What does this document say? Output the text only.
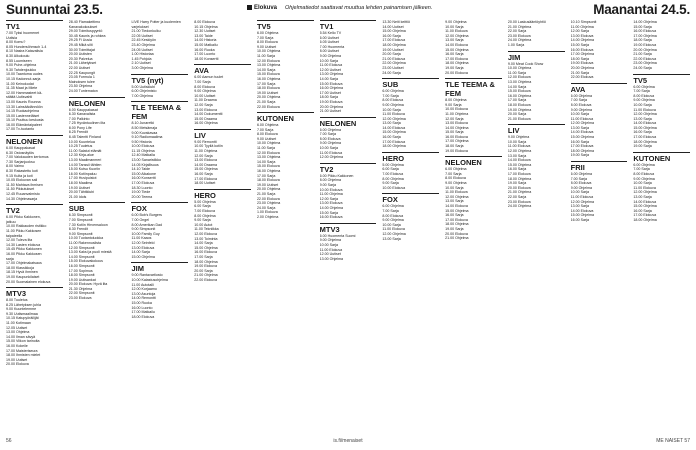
Sunnuntai 23.5.	Elokuva Ohjelmatiedot saattavat muuttua lehden painamisen jälkeen.	Maanantai 24.5.
TV1
7.00 Tyksi huomenet
Uutisia
8.00 Komu?
8.05 Hundersöhmsch 1-4
8.10 Nasira Katavalisia
8.30 Alkukoulu
8.55 Luumiseen
9.00 Puhe-ohjelma
9.30 Tahdenjoukko
10.00 Taantuma uudes
10.15 Kadonnut-sarja
11.00 Keinokodat
11.35 Maat ja Miete
12.00 Hammasteet kä-
sitäitä Uutisvahti
13.00 Kaunis Rounna
13.30 Lainsäädännöön
14.15 Ruokaohjelma
15.00 Lastenneläiset
15.10 Puuttuu keskusta
16.00 Elämäntaipaleet
17.00 Tv-tuotanto
NELONEN
6.00 Kauppakasat
6.30 Ostosnäytös
7.00 Valokauden kertomus
7.30 Sarjanjuoksu
8.00 Vaimo
8.30 Rakastettu koti
9.15 Kulta ja koti
10.05 Elokuvan sali
11.50 Mahtava ihmisen
11.50 Pikkutukset
12.45 Ruuanvalmisto
14.30 Ohjelmasarja
TV2
6.00 Pikku Kakkonen,
jatkuu
10.00 Rakkauden ristikko
11.00 Pikku Kakkosen
taipaleella
12.00 Tuleva ilta
14.30 Lasten elokuva
15.45 Pikku Kakkonen
16.00 Pikku Kakkosen
sarja
17.00 Ohjelmakatsaus
18.00 Klassikkoja
18.15 Hyvä ihminen
19.00 Kaupunkilaiset
20.00 Suomalainen elokuva
MTV3
8.00 Tuuletus
8.25 Lähetyksen juhla
9.00 Kuuntelemme
9.30 Uutismaailmaa
10.15 Katupyöräilijät
11.00 Kotimaan
12.05 Uutiset
13.00 Ohjelma
14.00 Ilman sävyä
15.00 Viikon tarinoita
16.00 Kokeile
17.00 Maisteriseura
18.00 Ihmisten mielet
19.00 Uutiset
20.00 Elokuva
28.40 Flamakeitimo
Kanavakokoukset
29.00 Toimituspyyntö
30.45 Kaunis ja rohkea
29.25 Fi Uusia
29.45 Mikä silti
30.00 Toimittajat
20.00 Uutisten
20.30 Palvelua
21.00 Lähetykset
22.00 Uutiset
22.25 Kaupungit
23.05 Formula 1
Mainoksen tulee
23.50 Ohjelma
24.00 Tuntematon
NELONEN
6.00 Kauppakasat
6.30 Kanavalista
7.00 Palkinto
7.25 Hyväntuulinen ilta
8.00 Pony Life
8.25 Frendit
8.45 Talentti Finland
10.00 Kuuntelua
10.25 Tuuletus
11.00 Salatut elämät
12.30 Kirja-alue
13.00 Maailmanmeri
14.00 Tanssii tähtien
15.00 Kutsu Kuoriin
16.00 Kotiinpaluu
17.00 Huvipuistot
18.00 Maailma
19.00 Uutiset
20.00 Tähtiklubi
21.00 Idols
SUB
6.30 Simpsonit
7.00 Simpsonit
7.30 Kotiin Hirvensaloon
8.30 Frendit
9.00 Simpsonit
10.00 Tuotantoluokka
11.00 Rakennuslista
12.00 Simpsonit
13.00 Kaksi ja puoli miestä
14.00 Simpsonit
15.00 Elokuvakokous
16.00 Simpsonit
17.00 Sopimus
18.00 Simpsonit
19.00 Uutisankat
20.00 Elokuva: Hyvä ilta
21.30 Ohjelma
22.00 Simpsonit
23.00 Elokuva
LIVE Harry Potter ja kuolemien varjelukset
21.00 Tiedonkulku
22.05 Uutiset
22.45 Keskiyön
23.40 Ohjelma
24.05 Uutiset
1.00 Historiaa
1.45 Pohjola
2.10 Uutiset
3.00 Ohjelma
TV5 (nyt)
5.00 Uutisklubi
6.00 Ohjelmisto
7.00 Ohjelma
TLE TEEMA & FEM
8.10 Junaretki
8.50 Metsämaja
9.00 Kuvakavaa
9.10 Radiomaailma
9.50 Historia
10.00 Elokuva
11.15 Ohjelma
12.40 Matkalla
13.00 Sanaristikko
14.05 Kirjallisuus
14.10 Taide
15.00 Aikakone
16.00 Konsertti
17.00 Elokuva
18.30 Luonto
19.00 Tiede
20.00 Teema
FOX
6.00 Bob's Burgers
7.00 Ongel
8.00 Amerikan Dad
9.00 Simpsonit
10.00 Family Guy
11.00 Kaaos
12.00 Seinfeld
13.00 Elokuva
14.00 Sarja
15.00 Ohjelma
JIM
9.00 Rantavartiosto
10.00 Kalastusohjelma
11.00 Autotalli
12.00 Korjaamo
13.00 Asuntoja
14.00 Remontti
15.00 Ruoka
16.00 Luonto
17.00 Matkailu
18.00 Elokuva
8.00 Elokuva
10.15 Ohjelma
12.30 Uutiset
13.00 Taide
14.00 Historia
15.00 Matkailu
16.00 Ruoka
17.00 Luonto
18.00 Konsertti
AVA
6.00 Aamun tuulet
7.00 Sarja
8.00 Elokuva
9.00 Ohjelma
10.00 Uutiset
11.00 Draama
12.00 Sarja
13.00 Elokuva
14.00 Dokumentti
15.00 Draama
16.00 Ohjelma
LIV
9.00 Remontti
10.00 Tyyliä kotiin
11.00 Ohjelma
12.00 Sarja
13.00 Elokuva
14.00 Draama
15.00 Ohjelma
16.00 Sarja
17.00 Elokuva
18.00 Uutiset
HERO
5.00 Ohjelma
6.00 Sarja
7.00 Elokuva
8.00 Ohjelma
9.00 Sarja
10.00 Autot
11.00 Tekniikka
12.00 Elokuva
13.00 Toiminta
14.00 Sarja
15.00 Ohjelma
16.00 Elokuva
17.00 Sarja
18.00 Ohjelma
19.00 Elokuva
20.00 Sarja
21.00 Ohjelma
22.00 Elokuva
TV5
6.00 Ohjelma
7.00 Sarja
8.00 Elokuva
9.00 Uutiset
10.00 Ohjelma
11.00 Sarja
12.00 Elokuva
13.00 Ohjelma
14.00 Sarja
15.00 Elokuva
16.00 Ohjelma
17.00 Sarja
18.00 Elokuva
19.00 Uutiset
20.00 Ohjelma
21.00 Sarja
22.00 Elokuva
KUTONEN
6.00 Ohjelma
7.00 Sarja
8.00 Elokuva
9.00 Uutiset
10.00 Ohjelma
11.00 Sarja
12.00 Elokuva
13.00 Ohjelma
14.00 Sarja
15.00 Elokuva
16.00 Ohjelma
17.00 Sarja
18.00 Elokuva
19.00 Uutiset
20.00 Ohjelma
21.00 Sarja
22.00 Elokuva
23.00 Ohjelma
24.00 Sarja
1.00 Elokuva
2.00 Ohjelma
TV1
5.54 Kello TV
6.00 Uutiset
6.05 Uutiset
7.00 Huomenta
8.00 Uutiset
9.00 Ohjelma
10.00 Sarja
11.00 Elokuva
12.00 Uutiset
13.00 Ohjelma
14.00 Sarja
15.00 Elokuva
16.00 Ohjelma
17.00 Uutiset
18.00 Sarja
19.00 Elokuva
20.00 Ohjelma
21.00 Uutiset
NELONEN
6.00 Ohjelma
7.00 Sarja
8.00 Elokuva
9.00 Ohjelma
10.00 Sarja
11.00 Elokuva
12.00 Ohjelma
TV2
6.00 Pikku Kakkonen
8.00 Ohjelma
9.00 Sarja
10.00 Elokuva
11.00 Ohjelma
12.00 Sarja
13.00 Elokuva
14.00 Ohjelma
15.00 Sarja
16.00 Elokuva
MTV3
6.00 Huomenta Suomi
9.00 Ohjelma
10.00 Sarja
11.00 Elokuva
12.00 Uutiset
13.00 Ohjelma
13.30 Neiti keittiö
14.00 Uutiset
15.00 Ohjelma
16.00 Sarja
17.00 Elokuva
18.00 Ohjelma
19.00 Uutiset
20.00 Sarja
21.00 Elokuva
22.00 Ohjelma
23.00 Uutiset
24.00 Sarja
SUB
6.00 Ohjelma
7.00 Sarja
8.00 Elokuva
9.00 Ohjelma
10.00 Sarja
11.00 Elokuva
12.00 Ohjelma
13.00 Sarja
14.00 Elokuva
15.00 Ohjelma
16.00 Sarja
17.00 Elokuva
18.00 Ohjelma
HERO
5.00 Ohjelma
6.00 Sarja
7.00 Elokuva
8.00 Ohjelma
9.00 Sarja
10.00 Elokuva
FOX
6.00 Ohjelma
7.00 Sarja
8.00 Elokuva
9.00 Ohjelma
10.00 Sarja
11.00 Elokuva
12.00 Ohjelma
13.00 Sarja
9.00 Ohjelma
10.00 Sarja
11.00 Elokuva
12.00 Ohjelma
13.00 Sarja
14.00 Elokuva
15.00 Ohjelma
16.00 Sarja
17.00 Elokuva
18.00 Ohjelma
19.00 Sarja
20.00 Elokuva
TLE TEEMA & FEM
8.00 Ohjelma
9.00 Sarja
10.00 Elokuva
11.00 Ohjelma
12.00 Sarja
13.00 Elokuva
14.00 Ohjelma
15.00 Sarja
16.00 Elokuva
17.00 Ohjelma
18.00 Sarja
19.00 Elokuva
NELONEN
6.00 Ohjelma
7.00 Sarja
8.00 Elokuva
9.00 Ohjelma
10.00 Sarja
11.00 Elokuva
12.00 Ohjelma
13.00 Sarja
14.00 Elokuva
15.00 Ohjelma
16.00 Sarja
17.00 Elokuva
18.00 Ohjelma
19.00 Sarja
20.00 Elokuva
21.00 Ohjelma
20.00 Laskusääntöyhtiö
21.00 Ohjelma
22.00 Sarja
23.00 Elokuva
24.00 Ohjelma
1.00 Sarja
JIM
9.00 Meat Cook Show
10.00 Ohjelma
11.00 Sarja
12.00 Elokuva
13.00 Ohjelma
14.00 Sarja
15.00 Elokuva
16.00 Ohjelma
17.00 Sarja
18.00 Elokuva
19.00 Ohjelma
20.00 Sarja
21.00 Elokuva
LIV
9.00 Ohjelma
10.00 Sarja
11.00 Elokuva
12.00 Ohjelma
13.00 Sarja
14.00 Elokuva
15.00 Ohjelma
16.00 Sarja
17.00 Elokuva
18.00 Ohjelma
19.00 Sarja
20.00 Elokuva
21.00 Ohjelma
22.00 Sarja
23.00 Elokuva
24.00 Ohjelma
10.10 Simpsonit
11.00 Ohjelma
12.00 Sarja
13.00 Elokuva
14.00 Ohjelma
15.00 Sarja
16.00 Elokuva
17.00 Ohjelma
18.00 Sarja
19.00 Elokuva
20.00 Ohjelma
21.00 Sarja
22.00 Elokuva
AVA
6.00 Ohjelma
7.00 Sarja
8.00 Elokuva
9.00 Ohjelma
10.00 Sarja
11.00 Elokuva
12.00 Ohjelma
13.00 Sarja
14.00 Elokuva
15.00 Ohjelma
16.00 Sarja
17.00 Elokuva
18.00 Ohjelma
19.00 Sarja
FRII
6.00 Ohjelma
7.00 Sarja
8.00 Elokuva
9.00 Ohjelma
10.00 Sarja
11.00 Elokuva
12.00 Ohjelma
13.00 Sarja
14.00 Elokuva
15.00 Ohjelma
16.00 Sarja
14.00 Ohjelma
15.00 Sarja
16.00 Elokuva
17.00 Ohjelma
18.00 Sarja
19.00 Elokuva
20.00 Ohjelma
21.00 Sarja
22.00 Elokuva
23.00 Ohjelma
24.00 Sarja
TV5
6.00 Ohjelma
7.00 Sarja
8.00 Elokuva
9.00 Ohjelma
10.00 Sarja
11.00 Elokuva
12.00 Ohjelma
13.00 Sarja
14.00 Elokuva
15.00 Ohjelma
16.00 Sarja
17.00 Elokuva
18.00 Ohjelma
19.00 Sarja
KUTONEN
6.00 Ohjelma
7.00 Sarja
8.00 Elokuva
9.00 Ohjelma
10.00 Sarja
11.00 Elokuva
12.00 Ohjelma
13.00 Sarja
14.00 Elokuva
15.00 Ohjelma
16.00 Sarja
17.00 Elokuva
18.00 Ohjelma
56	is.fi/menaiset	ME NAISET 57
